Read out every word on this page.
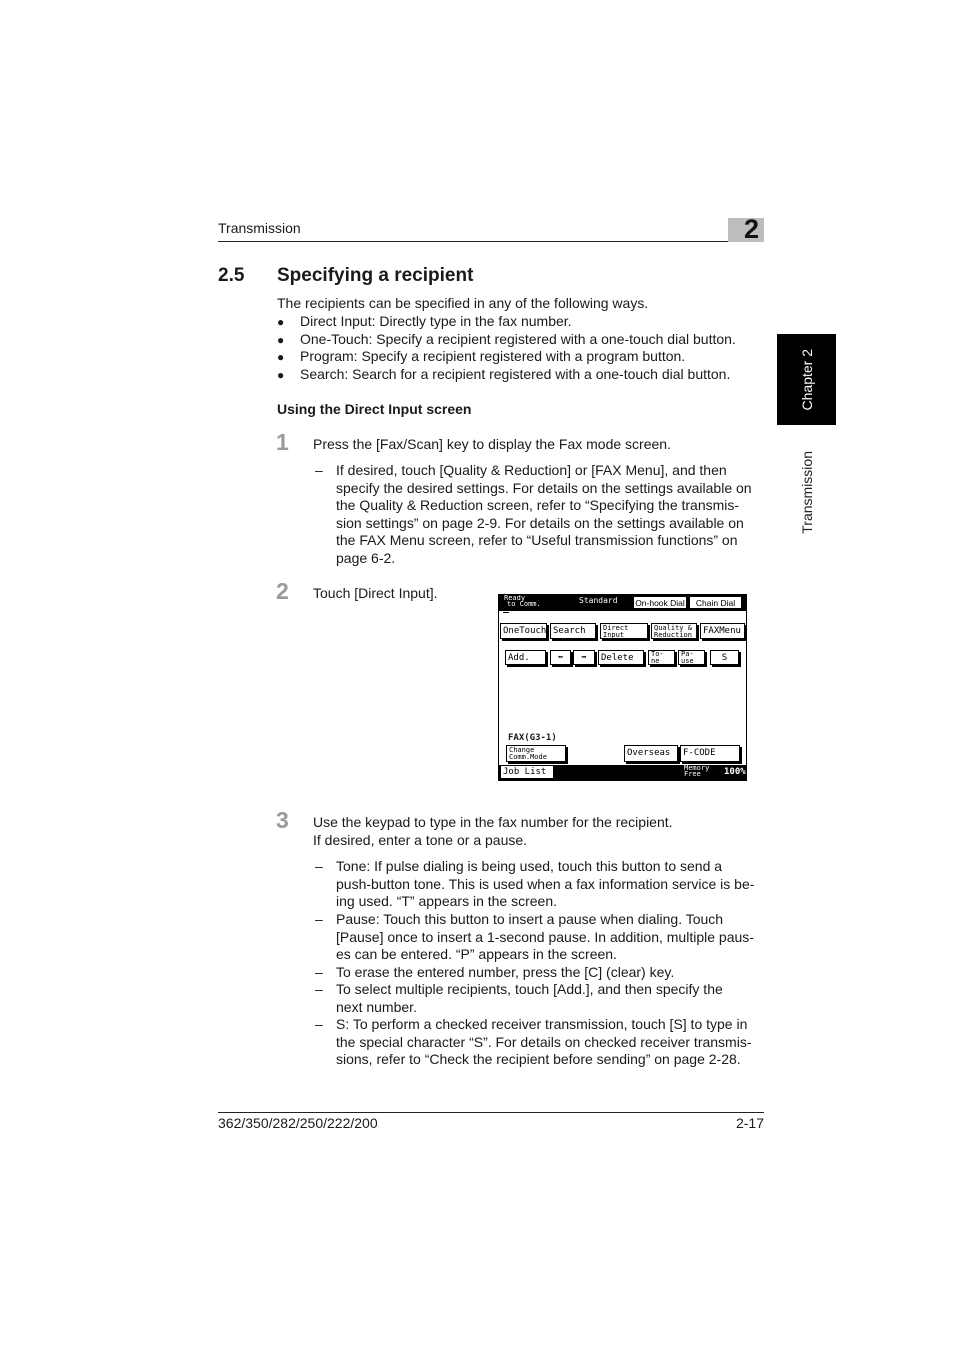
Transmission	2
2.5 Specifying a recipient
The recipients can be specified in any of the following ways.
● Direct Input: Directly type in the fax number.
● One-Touch: Specify a recipient registered with a one-touch dial button.
● Program: Specify a recipient registered with a program button.
● Search: Search for a recipient registered with a one-touch dial button.
Using the Direct Input screen
1 Press the [Fax/Scan] key to display the Fax mode screen.
– If desired, touch [Quality & Reduction] or [FAX Menu], and then
specify the desired settings. For details on the settings available on
the Quality & Reduction screen, refer to “Specifying the transmis-
sion settings” on page 2-9. For details on the settings available on
the FAX Menu screen, refer to “Useful transmission functions” on
page 6-2.
2 Touch [Direct Input].	Ready
to Comm.	Standard On-hook Dial	Chain Dial
OneTouch Search	Direct
Input
Quality &
Reduction	FAXMenu
Add.	⬅	➡	Delete	To-
ne
Pa-
use	S
FAX(G3-1)
Change
Comm.Mode	Overseas	F-CODE
Job List	Memory
Free	100%
3 Use the keypad to type in the fax number for the recipient.
If desired, enter a tone or a pause.
– Tone: If pulse dialing is being used, touch this button to send a
push-button tone. This is used when a fax information service is be-
ing used. “T” appears in the screen.
– Pause: Touch this button to insert a pause when dialing. Touch
[Pause] once to insert a 1-second pause. In addition, multiple paus-
es can be entered. “P” appears in the screen.
– To erase the entered number, press the [C] (clear) key.
– To select multiple recipients, touch [Add.], and then specify the
next number.
– S: To perform a checked receiver transmission, touch [S] to type in
the special character “S”. For details on checked receiver transmis-
sions, refer to “Check the recipient before sending” on page 2-28.
Chapter 2
Transmission
362/350/282/250/222/200	2-17
